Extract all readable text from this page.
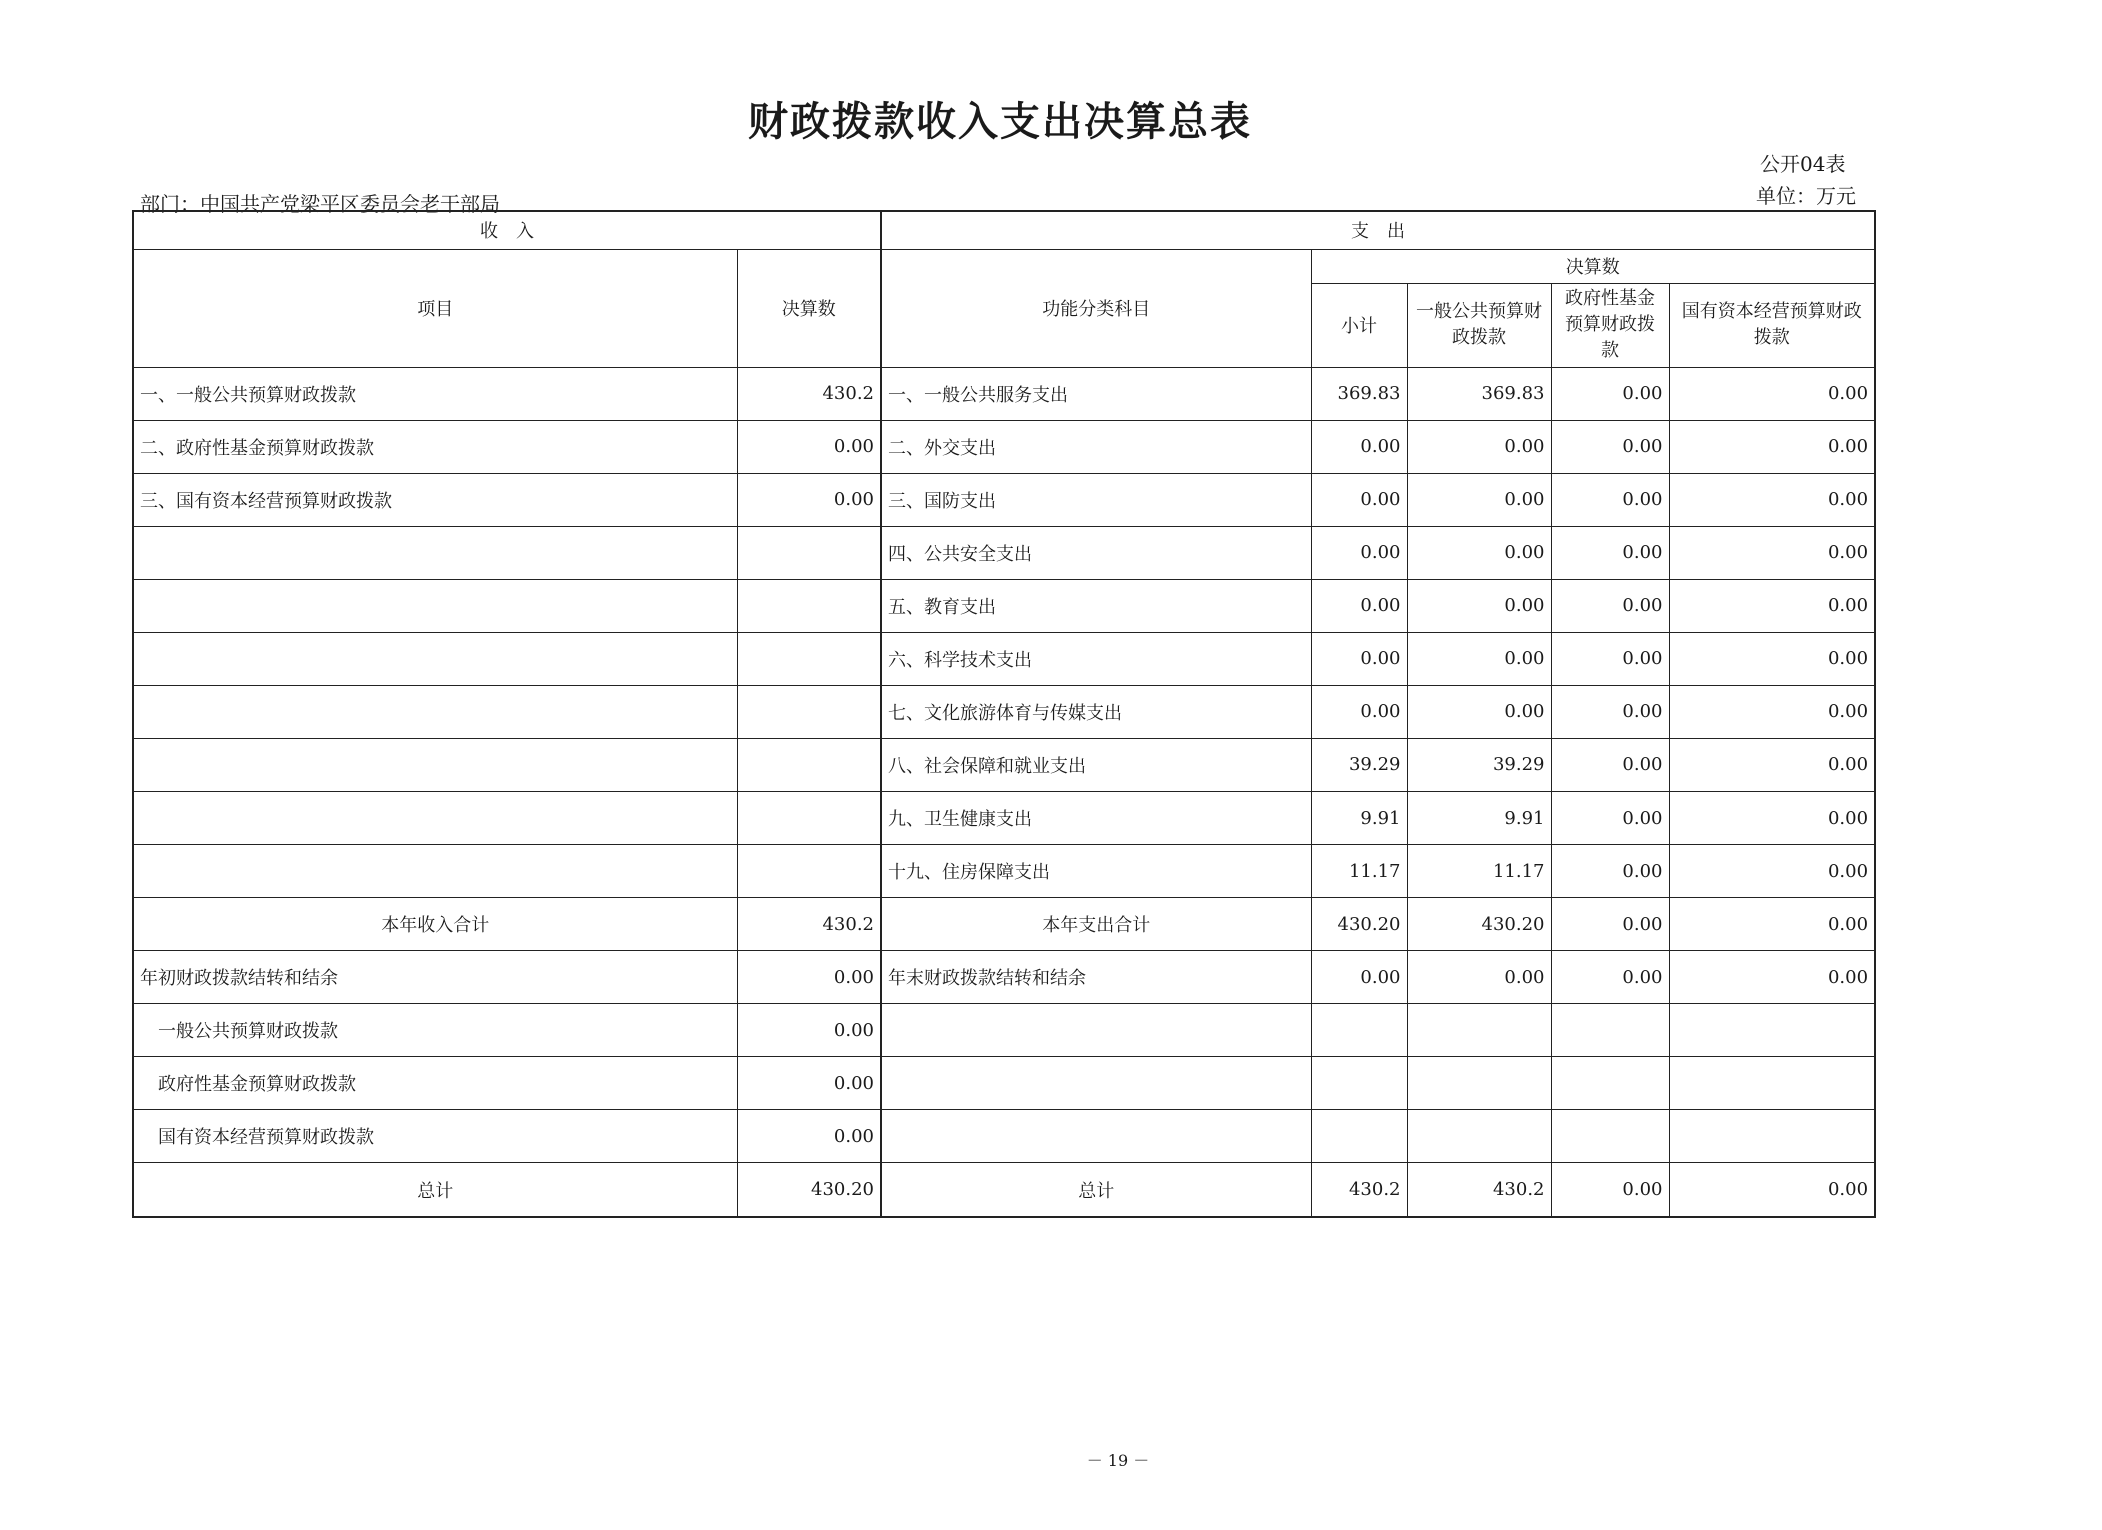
财政拨款收入支出决算总表
公开04表
单位：万元
部门：中国共产党梁平区委员会老干部局
收　入		支　出				
项目	决算数	功能分类科目	决算数			
			小计	一般公共预算财政拨款	政府性基金预算财政拨款	国有资本经营预算财政拨款
一、一般公共预算财政拨款	430.2	一、一般公共服务支出	369.83	369.83	0.00	0.00
二、政府性基金预算财政拨款	0.00	二、外交支出	0.00	0.00	0.00	0.00
三、国有资本经营预算财政拨款	0.00	三、国防支出	0.00	0.00	0.00	0.00
		四、公共安全支出	0.00	0.00	0.00	0.00
		五、教育支出	0.00	0.00	0.00	0.00
		六、科学技术支出	0.00	0.00	0.00	0.00
		七、文化旅游体育与传媒支出	0.00	0.00	0.00	0.00
		八、社会保障和就业支出	39.29	39.29	0.00	0.00
		九、卫生健康支出	9.91	9.91	0.00	0.00
		十九、住房保障支出	11.17	11.17	0.00	0.00
本年收入合计	430.2	本年支出合计	430.20	430.20	0.00	0.00
年初财政拨款结转和结余	0.00	年末财政拨款结转和结余	0.00	0.00	0.00	0.00
一般公共预算财政拨款	0.00					
政府性基金预算财政拨款	0.00					
国有资本经营预算财政拨款	0.00					
总计	430.20	总计	430.2	430.2	0.00	0.00
－ 19 －
